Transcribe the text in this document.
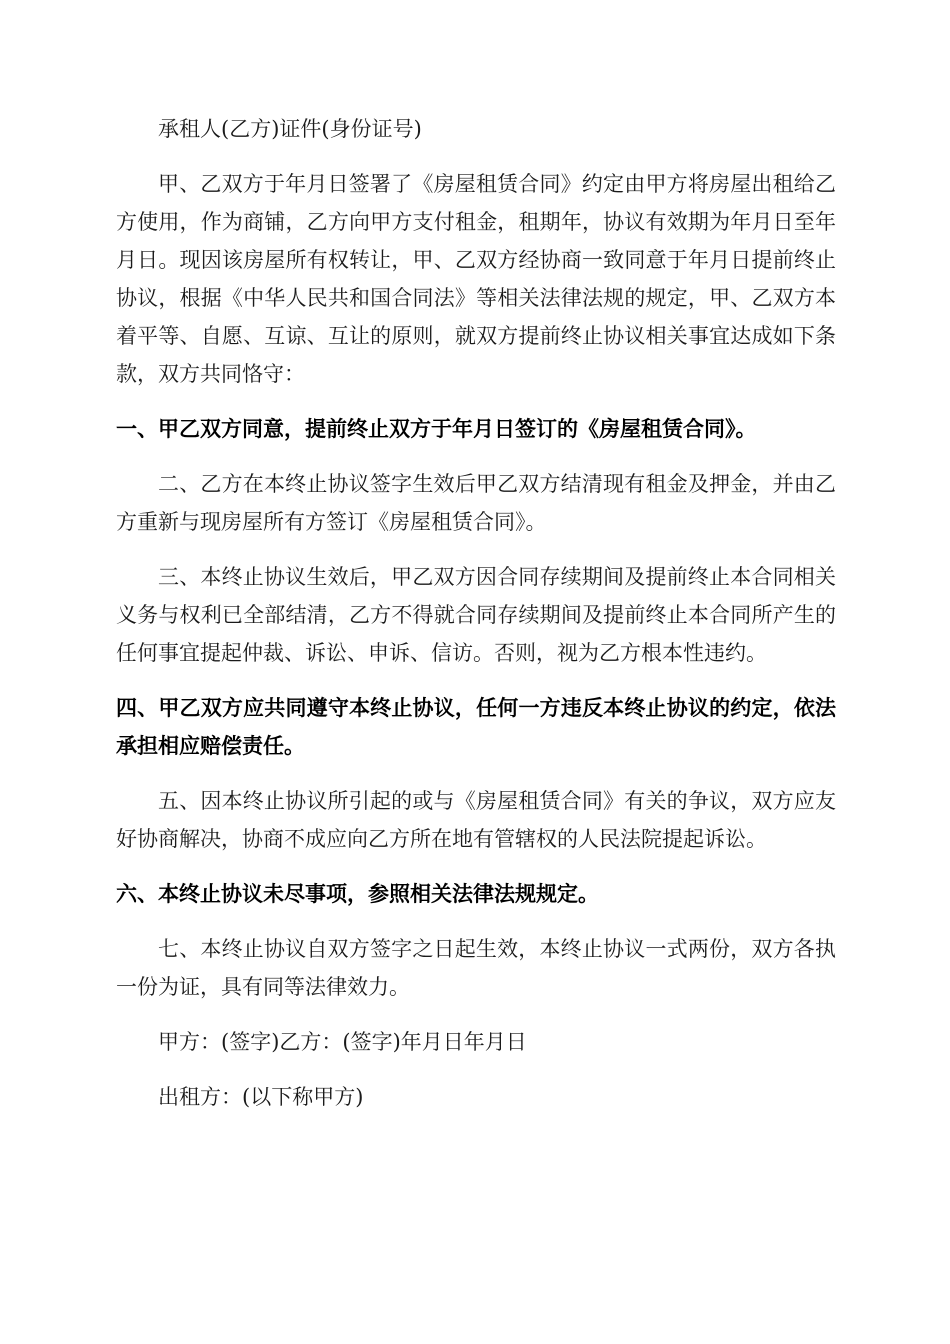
承租人(乙方)证件(身份证号)

甲、乙双方于年月日签署了《房屋租赁合同》约定由甲方将房屋出租给乙方使用，作为商铺，乙方向甲方支付租金，租期年，协议有效期为年月日至年月日。现因该房屋所有权转让，甲、乙双方经协商一致同意于年月日提前终止协议，根据《中华人民共和国合同法》等相关法律法规的规定，甲、乙双方本着平等、自愿、互谅、互让的原则，就双方提前终止协议相关事宜达成如下条款，双方共同恪守：

一、甲乙双方同意，提前终止双方于年月日签订的《房屋租赁合同》。

二、乙方在本终止协议签字生效后甲乙双方结清现有租金及押金，并由乙方重新与现房屋所有方签订《房屋租赁合同》。

三、本终止协议生效后，甲乙双方因合同存续期间及提前终止本合同相关义务与权利已全部结清，乙方不得就合同存续期间及提前终止本合同所产生的任何事宜提起仲裁、诉讼、申诉、信访。否则，视为乙方根本性违约。

四、甲乙双方应共同遵守本终止协议，任何一方违反本终止协议的约定，依法承担相应赔偿责任。

五、因本终止协议所引起的或与《房屋租赁合同》有关的争议，双方应友好协商解决，协商不成应向乙方所在地有管辖权的人民法院提起诉讼。

六、本终止协议未尽事项，参照相关法律法规规定。

七、本终止协议自双方签字之日起生效，本终止协议一式两份，双方各执一份为证，具有同等法律效力。

甲方：(签字)乙方：(签字)年月日年月日

出租方：(以下称甲方)
